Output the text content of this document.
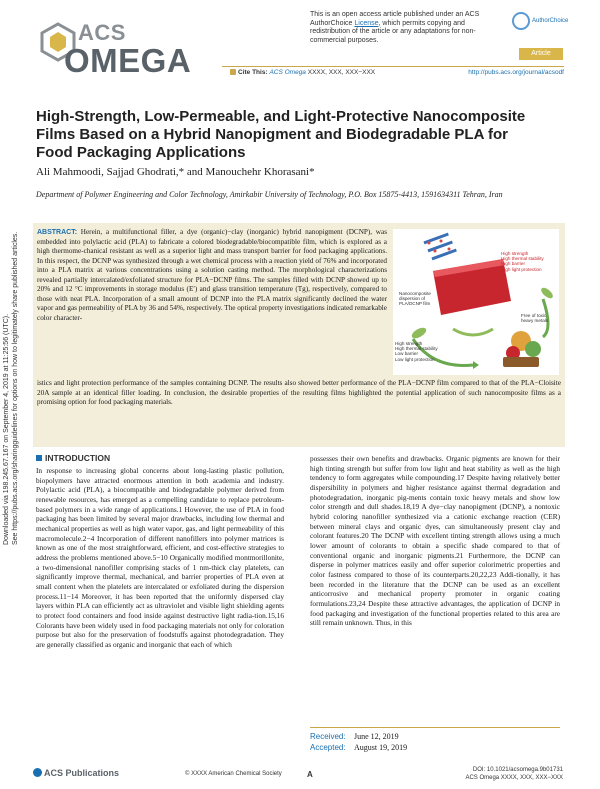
Downloaded via 198.245.67.167 on September 4, 2019 at 11:25:56 (UTC). See https://pubs.acs.org/sharingguidelines for options on how to legitimately share published articles.
ACS
OMEGA
This is an open access article published under an ACS AuthorChoice License, which permits copying and redistribution of the article or any adaptations for non-commercial purposes.
AuthorChoice
Article
Cite This: ACS Omega XXXX, XXX, XXX−XXX	http://pubs.acs.org/journal/acsodf
High-Strength, Low-Permeable, and Light-Protective Nanocomposite Films Based on a Hybrid Nanopigment and Biodegradable PLA for Food Packaging Applications
Ali Mahmoodi, Sajjad Ghodrati,* and Manouchehr Khorasani*
Department of Polymer Engineering and Color Technology, Amirkabir University of Technology, P.O. Box 15875-4413, 1591634311 Tehran, Iran
ABSTRACT: Herein, a multifunctional filler, a dye (organic)−clay (inorganic) hybrid nanopigment (DCNP), was embedded into polylactic acid (PLA) to fabricate a colored biodegradable/biocompatible film, which is explored as a high thermome-chanical resistant as well as a superior light and mass transport barrier for food packaging applications. In this respect, the DCNP was synthesized through a wet chemical process with a reaction yield of 76% and incorporated into a PLA matrix at various concentrations using a solution casting method. The morphological characterizations revealed partially intercalated/exfoliated structure for PLA−DCNP films. The samples filled with DCNP showed up to 20% and 12 °C improvements in storage modulus (E′) and glass transition temperature (Tg), respectively, compared to those with neat PLA. Incorporation of a small amount of DCNP into the PLA matrix significantly declined the water vapor and gas permeability of PLA by 36 and 54%, respectively. The optical property investigations indicated remarkable color character-
High strength
High thermal stability
High barrier
High light protection
Nanocomposite
dispersion of
PLA/DCNP film
High strength
High thermal stability
Low barrier
Low light protection
Free of toxic
heavy metals
istics and light protection performance of the samples containing DCNP. The results also showed better performance of the PLA−DCNP film compared to that of the PLA−Cloisite 20A sample at an identical filler loading. In conclusion, the desirable properties of the resulting films highlighted the potential application of such nanocomposite films as a promising option for food packaging materials.
INTRODUCTION
In response to increasing global concerns about long-lasting plastic pollution, biopolymers have attracted enormous attention in both academia and industry. Polylactic acid (PLA), a biocompatible and biodegradable polymer derived from renewable resources, has emerged as a compelling candidate to replace petroleum-based polymers in a wide range of applications.1 However, the use of PLA in food packaging has been limited by several major drawbacks, including low thermal and mechanical properties as well as high water vapor, gas, and light permeability of this macromolecule.2−4 Incorporation of different nanofillers into polymer matrices is known as one of the most straightforward, efficient, and cost-effective strategies to address the problems mentioned above.5−10 Organically modified montmorillonite, a two-dimensional nanofiller comprising stacks of 1 nm-thick clay platelets, can significantly improve thermal, mechanical, and barrier properties of PLA even at small content when the platelets are intercalated or exfoliated during the dispersion process.11−14 Moreover, it has been reported that the uniformly dispersed clay layers within PLA can efficiently act as ultraviolet and visible light shielding agents to protect food containers and food inside against destructive light radia-tion.15,16 Colorants have been widely used in food packaging materials not only for coloration purpose but also for the preservation of foodstuffs against photodegradation. They are generally classified as organic and inorganic that each of which
possesses their own benefits and drawbacks. Organic pigments are known for their high tinting strength but suffer from low light and heat stability as well as the high tendency to form aggregates while compounding.17 Despite having relatively better dispersibility in polymers and higher resistance against thermal degradation and photodegradation, inorganic pig-ments contain toxic heavy metals and show low color strength and dull shades.18,19 A dye−clay nanopigment (DCNP), a nontoxic hybrid coloring nanofiller synthesized via a cationic exchange reaction (CER) between mineral clays and organic dyes, can simultaneously present clay and colorant features.20 The DCNP with excellent tinting strength allows using a much lower amount of colorants to obtain a specific shade compared to that of conventional organic and inorganic pigments.21 Furthermore, the DCNP can disperse in polymer matrices easily and offer superior colorimetric properties and color fastness compared to those of its counterparts.20,22,23 Addi-tionally, it has been recorded in the literature that the DCNP can be used as an excellent anticorrosive and mechanical property promoter in organic coating formulations.23,24 Despite these attractive advantages, the application of DCNP in food packaging and investigation of the functional properties related to this area are still remain unknown. Thus, in this
Received: June 12, 2019
Accepted: August 19, 2019
ACS Publications	© XXXX American Chemical Society	A	DOI: 10.1021/acsomega.9b01731
ACS Omega XXXX, XXX, XXX−XXX
